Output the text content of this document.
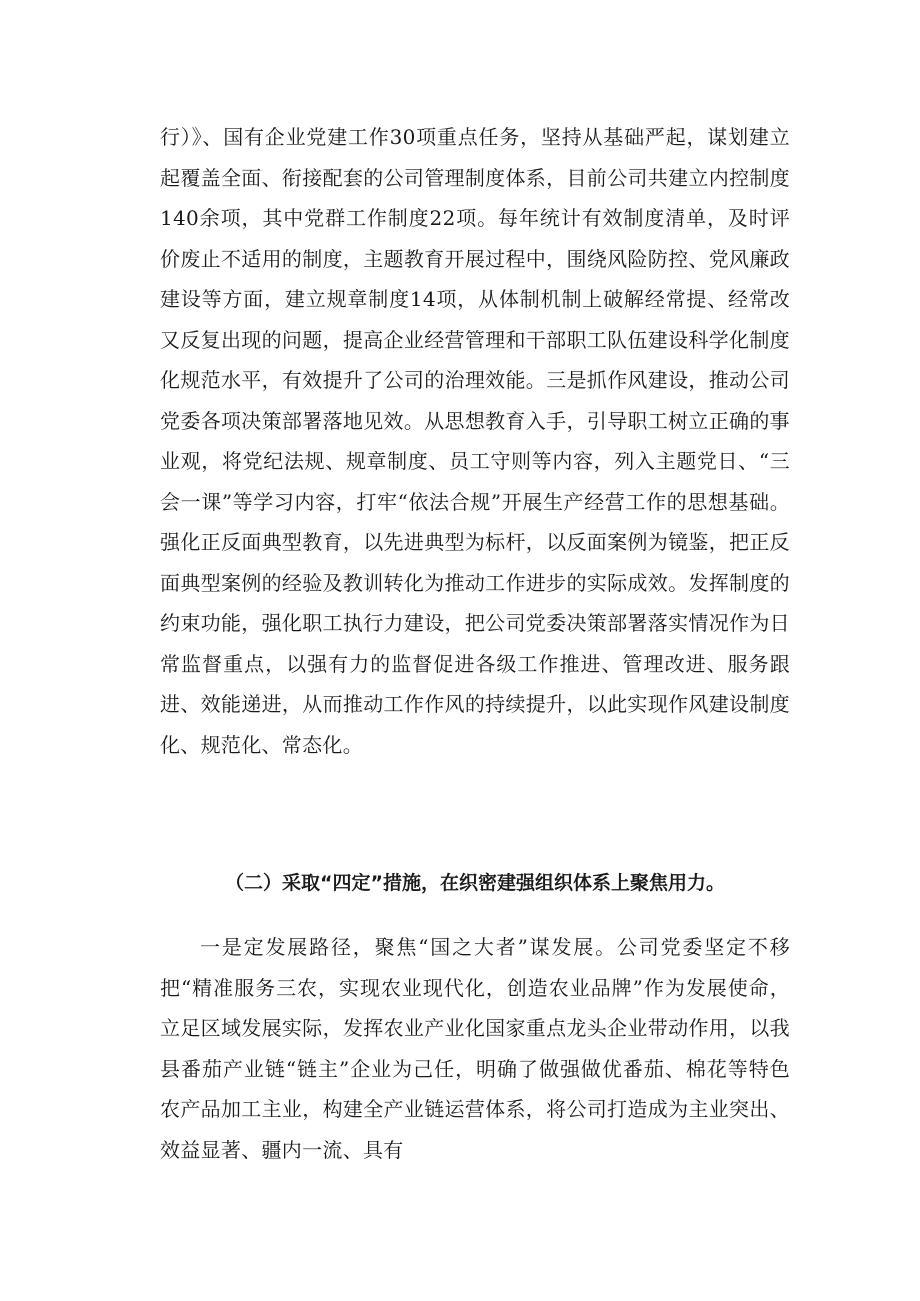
行）》、国有企业党建工作30项重点任务，坚持从基础严起，谋划建立起覆盖全面、衔接配套的公司管理制度体系，目前公司共建立内控制度140余项，其中党群工作制度22项。每年统计有效制度清单，及时评价废止不适用的制度，主题教育开展过程中，围绕风险防控、党风廉政建设等方面，建立规章制度14项，从体制机制上破解经常提、经常改又反复出现的问题，提高企业经营管理和干部职工队伍建设科学化制度化规范水平，有效提升了公司的治理效能。三是抓作风建设，推动公司党委各项决策部署落地见效。从思想教育入手，引导职工树立正确的事业观，将党纪法规、规章制度、员工守则等内容，列入主题党日、“三会一课”等学习内容，打牢“依法合规”开展生产经营工作的思想基础。强化正反面典型教育，以先进典型为标杆，以反面案例为镜鉴，把正反面典型案例的经验及教训转化为推动工作进步的实际成效。发挥制度的约束功能，强化职工执行力建设，把公司党委决策部署落实情况作为日常监督重点，以强有力的监督促进各级工作推进、管理改进、服务跟进、效能递进，从而推动工作作风的持续提升，以此实现作风建设制度化、规范化、常态化。

（二）采取“四定”措施，在织密建强组织体系上聚焦用力。

一是定发展路径，聚焦“国之大者”谋发展。公司党委坚定不移把“精准服务三农，实现农业现代化，创造农业品牌”作为发展使命，立足区域发展实际，发挥农业产业化国家重点龙头企业带动作用，以我县番茄产业链“链主”企业为己任，明确了做强做优番茄、棉花等特色农产品加工主业，构建全产业链运营体系，将公司打造成为主业突出、效益显著、疆内一流、具有
